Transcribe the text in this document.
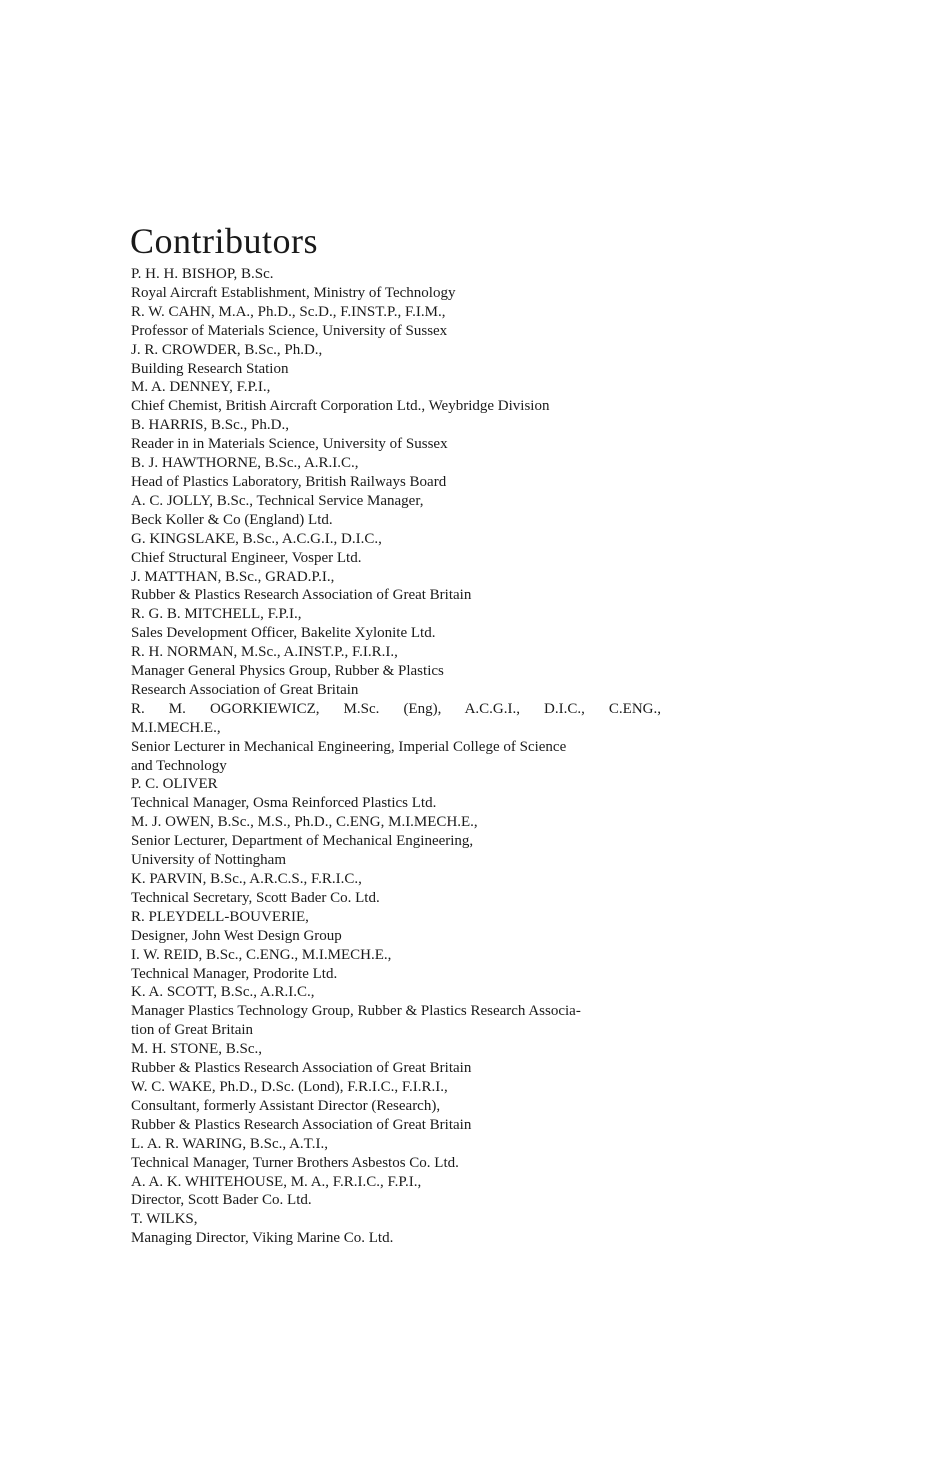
Contributors
P. H. H. BISHOP, B.Sc.
Royal Aircraft Establishment, Ministry of Technology
R. W. CAHN, M.A., Ph.D., Sc.D., F.INST.P., F.I.M.,
Professor of Materials Science, University of Sussex
J. R. CROWDER, B.Sc., Ph.D.,
Building Research Station
M. A. DENNEY, F.P.I.,
Chief Chemist, British Aircraft Corporation Ltd., Weybridge Division
B. HARRIS, B.Sc., Ph.D.,
Reader in in Materials Science, University of Sussex
B. J. HAWTHORNE, B.Sc., A.R.I.C.,
Head of Plastics Laboratory, British Railways Board
A. C. JOLLY, B.Sc., Technical Service Manager,
Beck Koller & Co (England) Ltd.
G. KINGSLAKE, B.Sc., A.C.G.I., D.I.C.,
Chief Structural Engineer, Vosper Ltd.
J. MATTHAN, B.Sc., GRAD.P.I.,
Rubber & Plastics Research Association of Great Britain
R. G. B. MITCHELL, F.P.I.,
Sales Development Officer, Bakelite Xylonite Ltd.
R. H. NORMAN, M.Sc., A.INST.P., F.I.R.I.,
Manager General Physics Group, Rubber & Plastics
Research Association of Great Britain
R. M. OGORKIEWICZ, M.Sc. (Eng), A.C.G.I., D.I.C., C.ENG.,
M.I.MECH.E.,
Senior Lecturer in Mechanical Engineering, Imperial College of Science
and Technology
P. C. OLIVER
Technical Manager, Osma Reinforced Plastics Ltd.
M. J. OWEN, B.Sc., M.S., Ph.D., C.ENG, M.I.MECH.E.,
Senior Lecturer, Department of Mechanical Engineering,
University of Nottingham
K. PARVIN, B.Sc., A.R.C.S., F.R.I.C.,
Technical Secretary, Scott Bader Co. Ltd.
R. PLEYDELL-BOUVERIE,
Designer, John West Design Group
I. W. REID, B.Sc., C.ENG., M.I.MECH.E.,
Technical Manager, Prodorite Ltd.
K. A. SCOTT, B.Sc., A.R.I.C.,
Manager Plastics Technology Group, Rubber & Plastics Research Associa-
tion of Great Britain
M. H. STONE, B.Sc.,
Rubber & Plastics Research Association of Great Britain
W. C. WAKE, Ph.D., D.Sc. (Lond), F.R.I.C., F.I.R.I.,
Consultant, formerly Assistant Director (Research),
Rubber & Plastics Research Association of Great Britain
L. A. R. WARING, B.Sc., A.T.I.,
Technical Manager, Turner Brothers Asbestos Co. Ltd.
A. A. K. WHITEHOUSE, M. A., F.R.I.C., F.P.I.,
Director, Scott Bader Co. Ltd.
T. WILKS,
Managing Director, Viking Marine Co. Ltd.
